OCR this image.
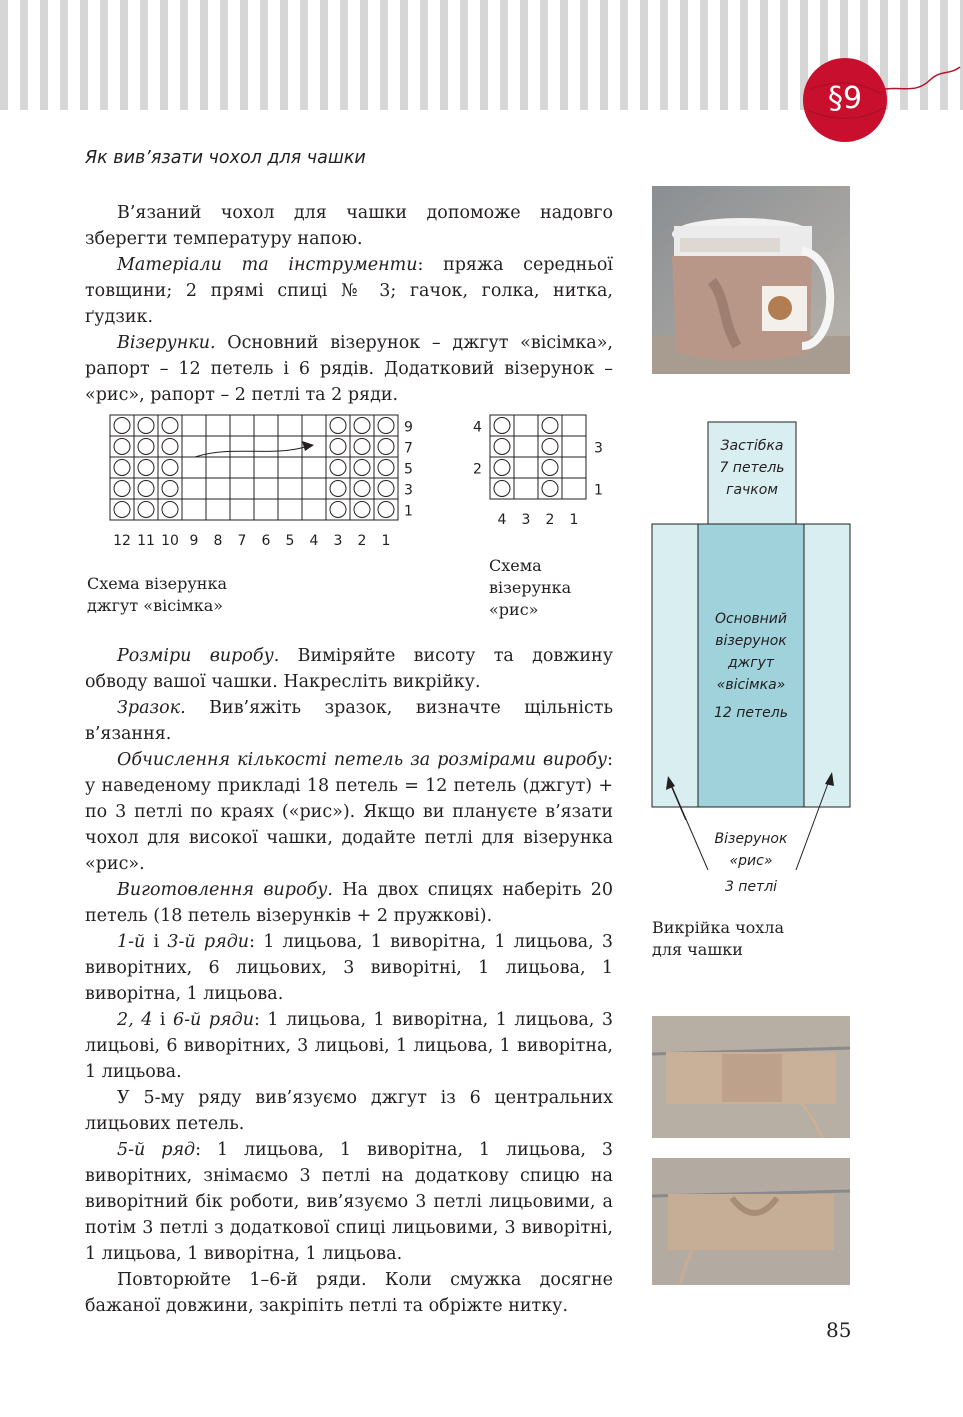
§9
Як вив’язати чохол для чашки

В’язаний чохол для чашки допоможе надовго зберегти температуру напою.

Матеріали та інструменти: пряжа середньої товщини; 2 прямі спиці № 3; гачок, голка, нитка, ґудзик.

Візерунки. Основний візерунок – джгут «вісімка», рапорт – 12 петель і 6 рядів. Додатковий візерунок – «рис», рапорт – 2 петлі та 2 ряди.

9
7
5
3
1
12 11 10 9 8 7 6 5 4 3 2 1
Схема візерунка
джгут «вісімка»
4
2
3
1
4 3 2 1
Схема
візерунка
«рис»

Розміри виробу. Виміряйте висоту та довжину обводу вашої чашки. Накресліть викрійку.

Зразок. Вив’яжіть зразок, визначте щільність в’язання.

Обчислення кількості петель за розмірами виробу: у наведеному прикладі 18 петель = 12 петель (джгут) + по 3 петлі по краях («рис»). Якщо ви плануєте в’язати чохол для високої чашки, додайте петлі для візерунка «рис».

Виготовлення виробу. На двох спицях наберіть 20 петель (18 петель візерунків + 2 пружкові).

1-й і 3-й ряди: 1 лицьова, 1 виворітна, 1 лицьова, 3 виворітних, 6 лицьових, 3 виворітні, 1 лицьова, 1 виворітна, 1 лицьова.

2, 4 і 6-й ряди: 1 лицьова, 1 виворітна, 1 лицьова, 3 лицьові, 6 виворітних, 3 лицьові, 1 лицьова, 1 виворітна, 1 лицьова.

У 5-му ряду вив’язуємо джгут із 6 центральних лицьових петель.

5-й ряд: 1 лицьова, 1 виворітна, 1 лицьова, 3 виворітних, знімаємо 3 петлі на додаткову спицю на виворітний бік роботи, вив’язуємо 3 петлі лицьовими, а потім 3 петлі з додаткової спиці лицьовими, 3 виворітні, 1 лицьова, 1 виворітна, 1 лицьова.

Повторюйте 1–6-й ряди. Коли смужка досягне бажаної довжини, закріпіть петлі та обріжте нитку.

Застібка
7 петель
гачком
Основний
візерунок
джгут
«вісімка»
12 петель
Візерунок
«рис»
3 петлі
Викрійка чохла
для чашки
85
